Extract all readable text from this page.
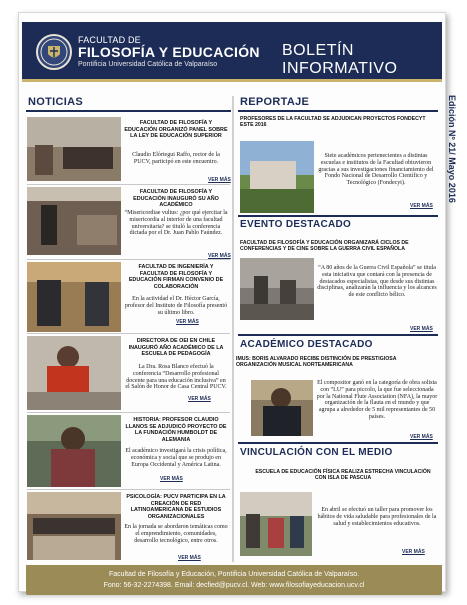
FACULTAD DE
FILOSOFÍA Y EDUCACIÓN
Pontificia Universidad Católica de Valparaíso
BOLETÍN INFORMATIVO
Edición Nº 21/ Mayo 2016
NOTICIAS
FACULTAD DE FILOSOFÍA Y EDUCACIÓN ORGANIZÓ PANEL SOBRE LA LEY DE EDUCACIÓN SUPERIOR
Claudio Elórtegui Raffo, rector de la PUCV, participó en este encuentro.
VER MÁS
FACULTAD DE FILOSOFÍA Y EDUCACIÓN INAUGURÓ SU AÑO ACADÉMICO
“Misericordiae vultus: ¿por qué ejercitar la misericordia al interior de una facultad universitaria? se tituló la conferencia dictada por el Dr. Juan Pablo Faúndez.
VER MÁS
FACULTAD DE INGENIERÍA Y FACULTAD DE FILOSOFÍA Y EDUCACIÓN FIRMAN CONVENIO DE COLABORACIÓN
En la actividad el Dr. Héctor García, profesor del Instituto de Filosofía presentó su último libro.
VER MÁS
DIRECTORA DE OEI EN CHILE INAUGURÓ AÑO ACADÉMICO DE LA ESCUELA DE PEDAGOGÍA
La Dra. Rosa Blanco efectuó la conferencia “Desarrollo profesional docente para una educación inclusiva” en el Salón de Honor de Casa Central PUCV.
VER MÁS
HISTORIA: PROFESOR CLAUDIO LLANOS SE ADJUDICÓ PROYECTO DE LA FUNDACIÓN HUMBOLDT DE ALEMANIA
El académico investigará la crisis política, económica y social que se produjo en Europa Occidental y América Latina.
VER MÁS
PSICOLOGÍA: PUCV PARTICIPA EN LA CREACIÓN DE RED LATINOAMERICANA DE ESTUDIOS ORGANIZACIONALES
En la jornada se abordaron temáticas como el emprendimiento, comunidades, desarrollo tecnológico, entre otros.
VER MÁS
REPORTAJE
PROFESORES DE LA FACULTAD SE ADJUDICAN PROYECTOS FONDECYT ESTE 2016
Siete académicos pertenecientes a distintas escuelas e institutos de la Facultad obtuvieron gracias a sus investigaciones financiamiento del Fondo Nacional de Desarrollo Científico y Tecnológico (Fondecyt).
VER MÁS
EVENTO DESTACADO
FACULTAD DE FILOSOFÍA Y EDUCACIÓN ORGANIZARÁ CICLOS DE CONFERENCIAS Y DE CINE SOBRE LA GUERRA CIVIL ESPAÑOLA
“A 80 años de la Guerra Civil Española” se titula esta iniciativa que contará con la presencia de destacados especialistas, que desde sus distintas disciplinas, analizarán la influencia y los alcances de este conflicto bélico.
VER MÁS
ACADÉMICO DESTACADO
IMUS: BORIS ALVARADO RECIBE DISTINCIÓN DE PRESTIGIOSA ORGANIZACIÓN MUSICAL NORTEAMERICANA
El compositor ganó en la categoría de obra solista con “LU” para piccolo, la que fue seleccionada por la National Flute Association (NFA), la mayor organización de la flauta en el mundo y que agrupa a alrededor de 5 mil representantes de 50 países.
VER MÁS
VINCULACIÓN CON EL MEDIO
ESCUELA DE EDUCACIÓN FÍSICA REALIZA ESTRECHA VINCULACIÓN CON ISLA DE PASCUA
En abril se efectuó un taller para promover los hábitos de vida saludable para profesionales de la salud y establecimientos educativos.
VER MÁS
Facultad de Filosofía y Educación, Pontificia Universidad Católica de Valparaíso.
Fono: 56-32-2274398. Email: decfied@pucv.cl. Web: www.filosofiayeducacion.ucv.cl
